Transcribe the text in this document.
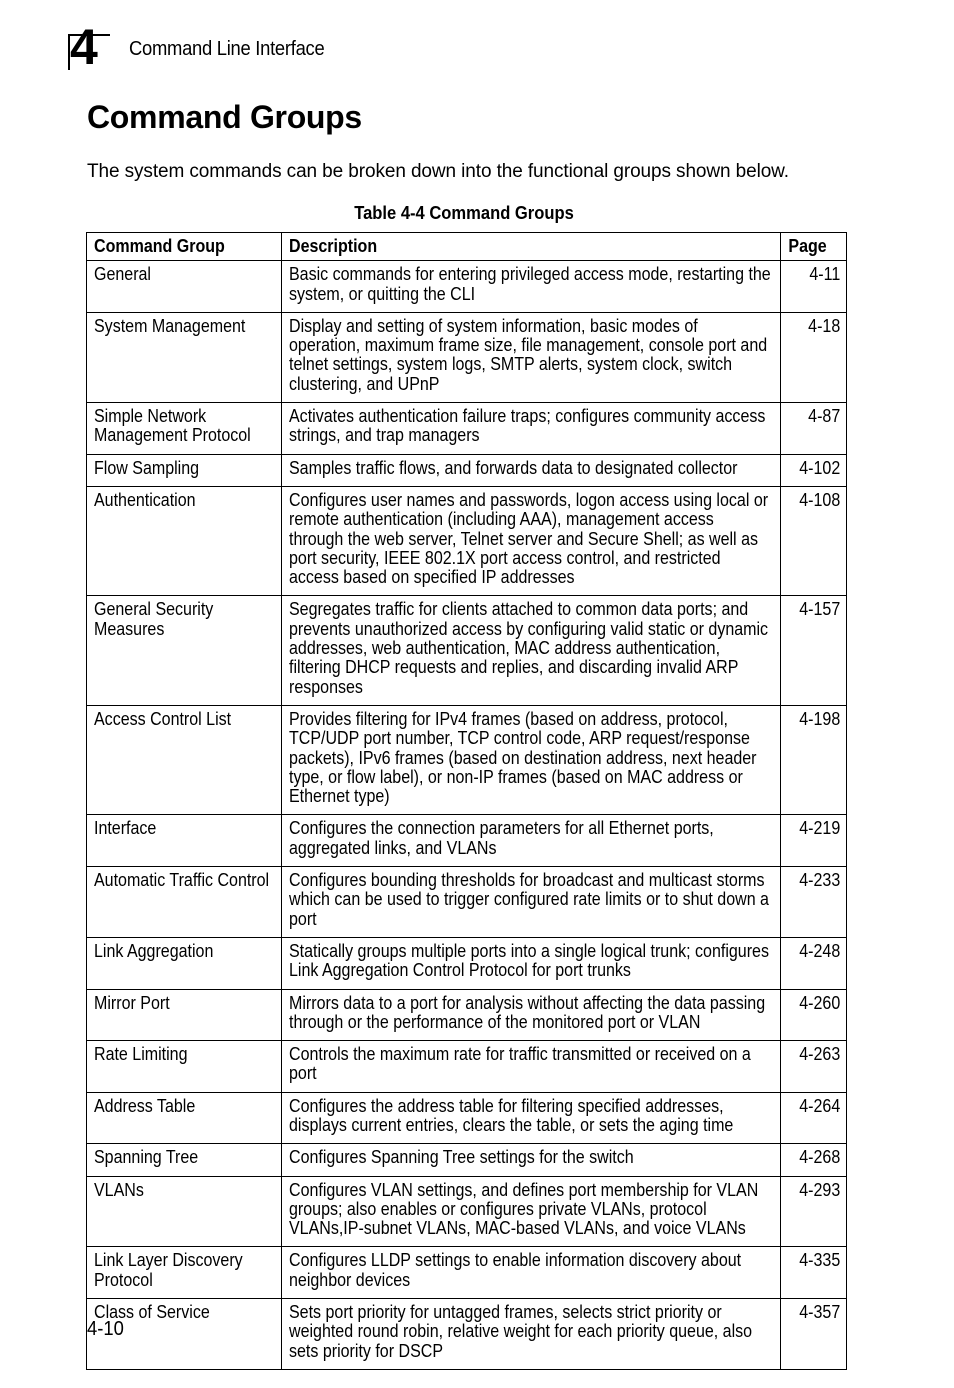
4	Command Line Interface
Command Groups
The system commands can be broken down into the functional groups shown below.
Table 4-4 Command Groups
Command Group	Description	Page

General	Basic commands for entering privileged access mode, restarting the system, or quitting the CLI	4-11

System Management	Display and setting of system information, basic modes of operation, maximum frame size, file management, console port and telnet settings, system logs, SMTP alerts, system clock, switch clustering, and UPnP	4-18

Simple Network Management Protocol	Activates authentication failure traps; configures community access strings, and trap managers	4-87

Flow Sampling	Samples traffic flows, and forwards data to designated collector	4-102

Authentication	Configures user names and passwords, logon access using local or remote authentication (including AAA), management access through the web server, Telnet server and Secure Shell; as well as port security, IEEE 802.1X port access control, and restricted access based on specified IP addresses	4-108

General Security Measures	Segregates traffic for clients attached to common data ports; and prevents unauthorized access by configuring valid static or dynamic addresses, web authentication, MAC address authentication, filtering DHCP requests and replies, and discarding invalid ARP responses	4-157

Access Control List	Provides filtering for IPv4 frames (based on address, protocol, TCP/UDP port number, TCP control code, ARP request/response packets), IPv6 frames (based on destination address, next header type, or flow label), or non-IP frames (based on MAC address or Ethernet type)	4-198

Interface	Configures the connection parameters for all Ethernet ports, aggregated links, and VLANs	4-219

Automatic Traffic Control	Configures bounding thresholds for broadcast and multicast storms which can be used to trigger configured rate limits or to shut down a port	4-233

Link Aggregation	Statically groups multiple ports into a single logical trunk; configures Link Aggregation Control Protocol for port trunks	4-248

Mirror Port	Mirrors data to a port for analysis without affecting the data passing through or the performance of the monitored port or VLAN	4-260

Rate Limiting	Controls the maximum rate for traffic transmitted or received on a port	4-263

Address Table	Configures the address table for filtering specified addresses, displays current entries, clears the table, or sets the aging time	4-264

Spanning Tree	Configures Spanning Tree settings for the switch	4-268

VLANs	Configures VLAN settings, and defines port membership for VLAN groups; also enables or configures private VLANs, protocol VLANs,IP-subnet VLANs, MAC-based VLANs, and voice VLANs	4-293

Link Layer Discovery Protocol	Configures LLDP settings to enable information discovery about neighbor devices	4-335

Class of Service	Sets port priority for untagged frames, selects strict priority or weighted round robin, relative weight for each priority queue, also sets priority for DSCP	4-357
4-10
